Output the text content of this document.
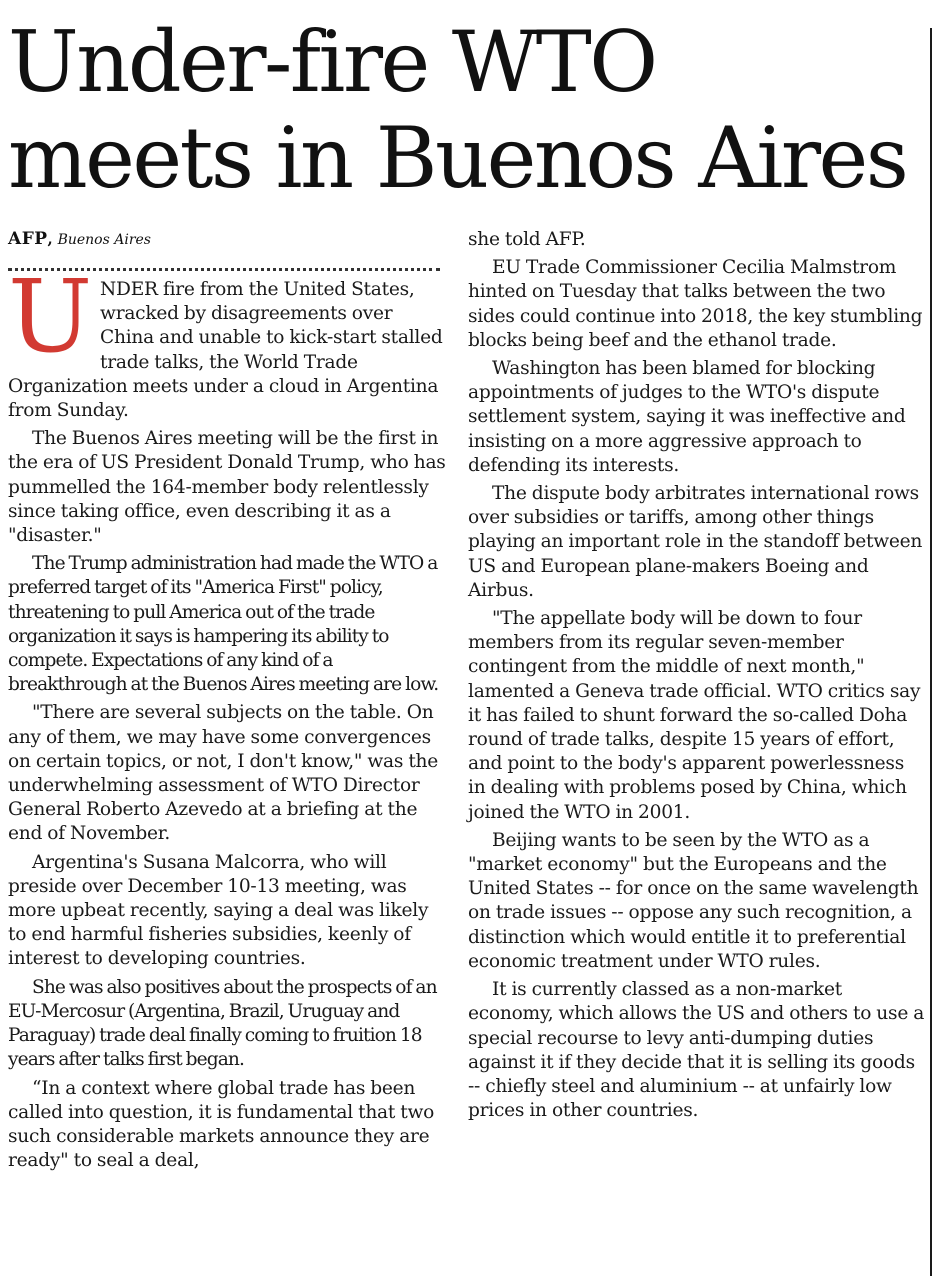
Under-fire WTO meets in Buenos Aires
AFP, Buenos Aires

UNDER fire from the United States, wracked by disagreements over China and unable to kick-start stalled trade talks, the World Trade Organization meets under a cloud in Argentina from Sunday.

The Buenos Aires meeting will be the first in the era of US President Donald Trump, who has pummelled the 164-member body relentlessly since taking office, even describing it as a "disaster."

The Trump administration had made the WTO a preferred target of its "America First" policy, threatening to pull America out of the trade organization it says is hampering its ability to compete. Expectations of any kind of a breakthrough at the Buenos Aires meeting are low.

"There are several subjects on the table. On any of them, we may have some convergences on certain topics, or not, I don't know," was the underwhelming assessment of WTO Director General Roberto Azevedo at a briefing at the end of November.

Argentina's Susana Malcorra, who will preside over December 10-13 meeting, was more upbeat recently, saying a deal was likely to end harmful fisheries subsidies, keenly of interest to developing countries.

She was also positives about the prospects of an EU-Mercosur (Argentina, Brazil, Uruguay and Paraguay) trade deal finally coming to fruition 18 years after talks first began.

“In a context where global trade has been called into question, it is fundamental that two such considerable markets announce they are ready" to seal a deal,

she told AFP.

EU Trade Commissioner Cecilia Malmstrom hinted on Tuesday that talks between the two sides could continue into 2018, the key stumbling blocks being beef and the ethanol trade.

Washington has been blamed for blocking appointments of judges to the WTO's dispute settlement system, saying it was ineffective and insisting on a more aggressive approach to defending its interests.

The dispute body arbitrates international rows over subsidies or tariffs, among other things playing an important role in the standoff between US and European plane-makers Boeing and Airbus.

"The appellate body will be down to four members from its regular seven-member contingent from the middle of next month," lamented a Geneva trade official. WTO critics say it has failed to shunt forward the so-called Doha round of trade talks, despite 15 years of effort, and point to the body's apparent powerlessness in dealing with problems posed by China, which joined the WTO in 2001.

Beijing wants to be seen by the WTO as a "market economy" but the Europeans and the United States -- for once on the same wavelength on trade issues -- oppose any such recognition, a distinction which would entitle it to preferential economic treatment under WTO rules.

It is currently classed as a non-market economy, which allows the US and others to use a special recourse to levy anti-dumping duties against it if they decide that it is selling its goods -- chiefly steel and aluminium -- at unfairly low prices in other countries.
